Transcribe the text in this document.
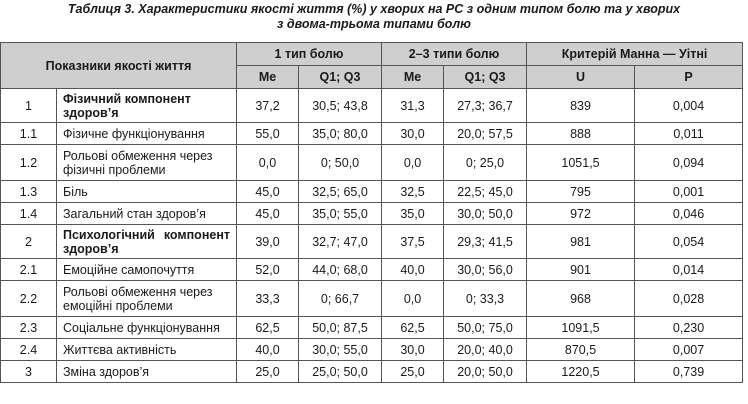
Таблиця 3. Характеристики якості життя (%) у хворих на РС з одним типом болю та у хворих
з двома-трьома типами болю
Показники якості життя		1 тип болю		2–3 типи болю		Критерій Манна — Уітні	
		Ме	Q1; Q3	Ме	Q1; Q3	U	P
1	Фізичний компонент здоров’я	37,2	30,5; 43,8	31,3	27,3; 36,7	839	0,004
1.1	Фізичне функціонування	55,0	35,0; 80,0	30,0	20,0; 57,5	888	0,011
1.2	Рольові обмеження через фізичні проблеми	0,0	0; 50,0	0,0	0; 25,0	1051,5	0,094
1.3	Біль	45,0	32,5; 65,0	32,5	22,5; 45,0	795	0,001
1.4	Загальний стан здоров’я	45,0	35,0; 55,0	35,0	30,0; 50,0	972	0,046
2	Психологічний компонент здоров’я	39,0	32,7; 47,0	37,5	29,3; 41,5	981	0,054
2.1	Емоційне самопочуття	52,0	44,0; 68,0	40,0	30,0; 56,0	901	0,014
2.2	Рольові обмеження через емоційні проблеми	33,3	0; 66,7	0,0	0; 33,3	968	0,028
2.3	Соціальне функціонування	62,5	50,0; 87,5	62,5	50,0; 75,0	1091,5	0,230
2.4	Життєва активність	40,0	30,0; 55,0	30,0	20,0; 40,0	870,5	0,007
3	Зміна здоров’я	25,0	25,0; 50,0	25,0	20,0; 50,0	1220,5	0,739
